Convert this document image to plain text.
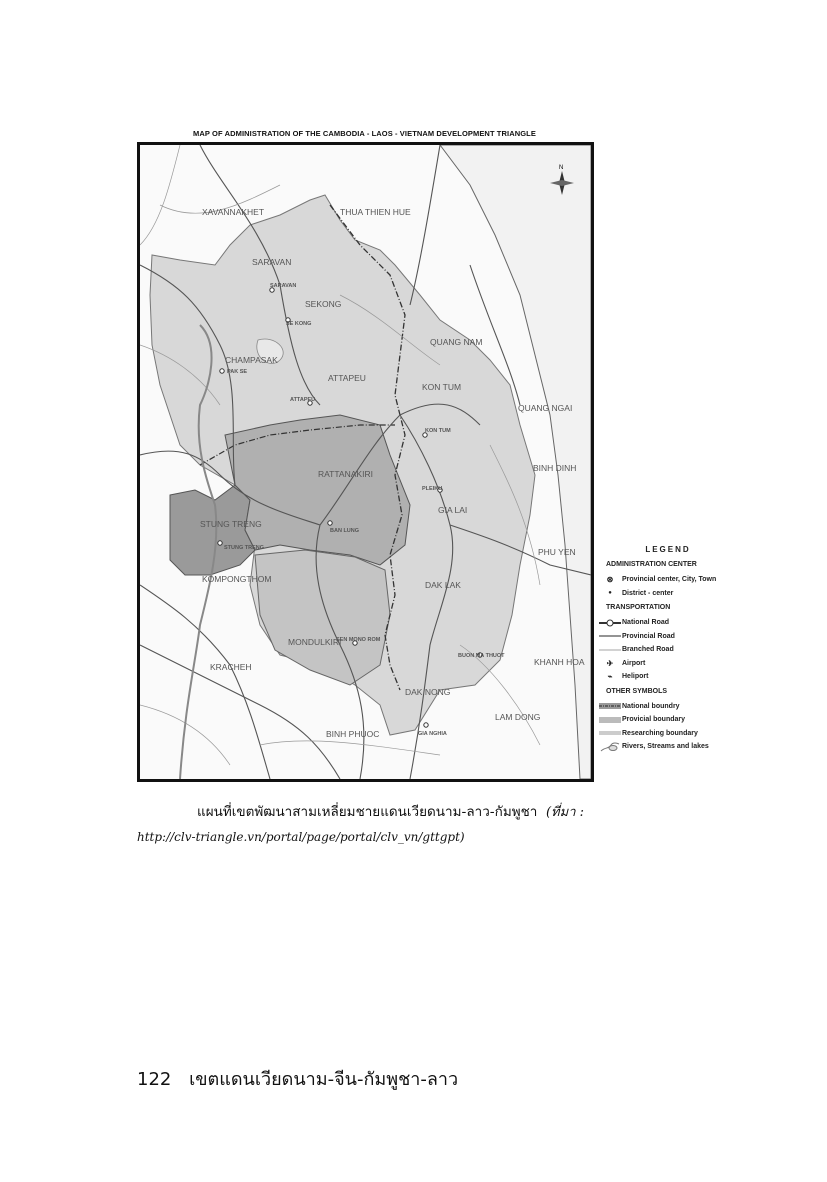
MAP OF ADMINISTRATION OF THE CAMBODIA - LAOS - VIETNAM DEVELOPMENT TRIANGLE
XAVANNAKHET	THUA THIEN HUE
SARAVAN
SEKONG
QUANG NAM
CHAMPASAK
ATTAPEU
KON TUM
QUANG NGAI
RATTANAKIRI
BINH DINH
STUNG TRENG
GIA LAI
PHU YEN
KOMPONGTHOM
DAK LAK
KRACHEH
MONDULKIRI
KHANH HOA
LAM DONG
DAK NONG
BINH PHUOC
SARAVAN
SE KONG
PAK SE
ATTAPEU
KON TUM
PLEIKU
BAN LUNG
STUNG TRENG
SEN MONO ROM
BUON MA THUOT
GIA NGHIA
N
LEGEND
ADMINISTRATION CENTER
⊛	Provincial center, City, Town
●	District - center
TRANSPORTATION
National Road
Provincial Road
Branched Road
✈	Airport
⌁	Heliport
OTHER SYMBOLS
National boundry
Provicial boundary
Researching boundary
Rivers, Streams and lakes
แผนที่เขตพัฒนาสามเหลี่ยมชายแดนเวียดนาม-ลาว-กัมพูชา (ที่มา :
http://clv-triangle.vn/portal/page/portal/clv_vn/gttgpt)
122 เขตแดนเวียดนาม-จีน-กัมพูชา-ลาว
